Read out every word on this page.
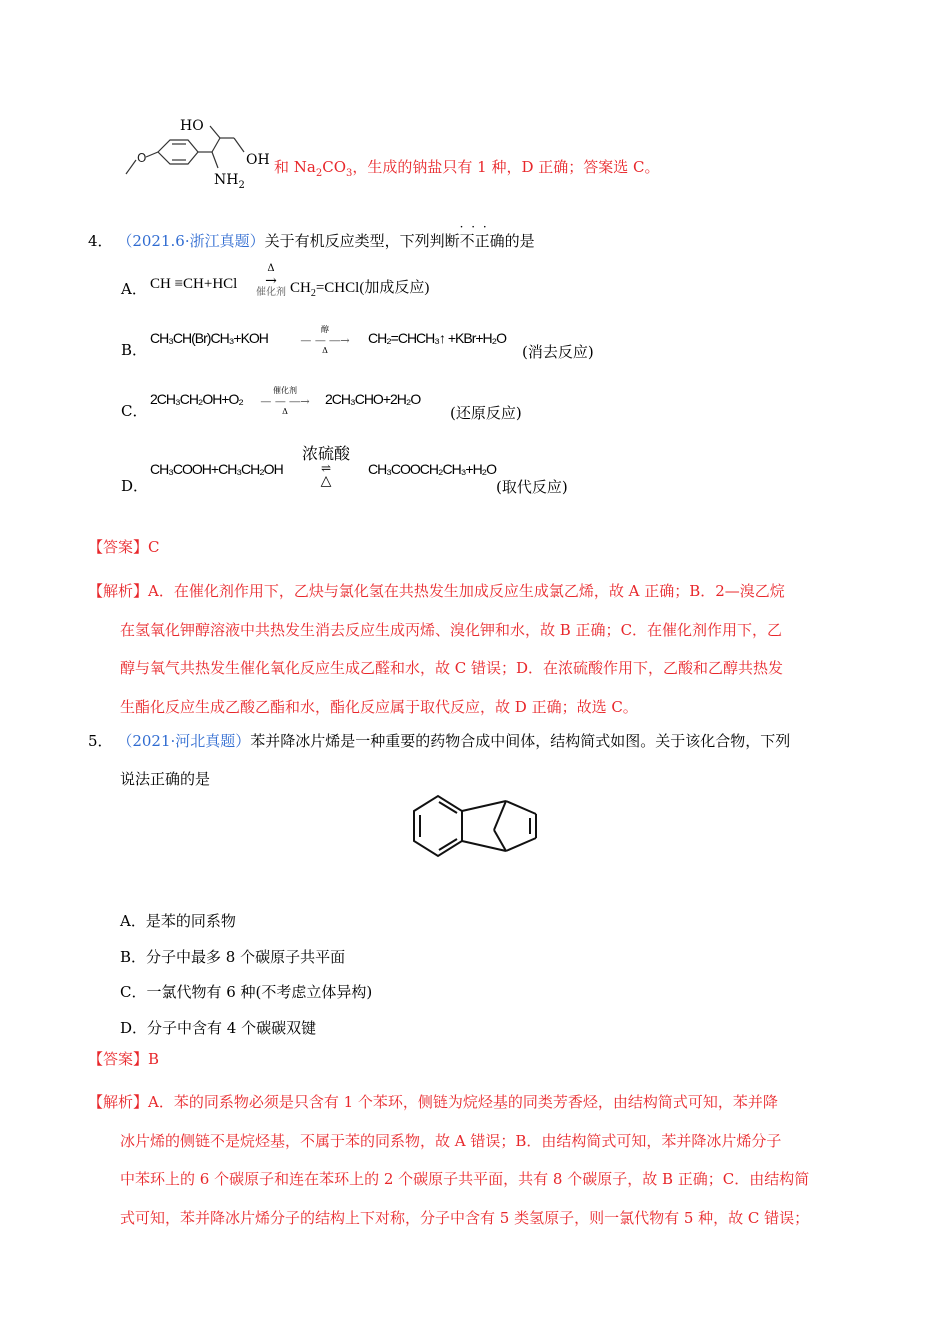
O
HO
OH
$NH_2$
和 $Na_2CO_3$，生成的钠盐只有 1 种，D 正确；答案选 C。
4． （2021.6·浙江真题）关于有机反应类型，下列判断不正确
· · ·
的是
A． CH ≡CH+HCl
Δ
→
催化剂 $CH_2=CHCl$(加成反应)
B．
CH₃CH(Br)CH₃+KOH
醇
— — ―→
Δ
CH₂=CHCH₃↑ +KBr+H₂O
(消去反应)
C．
2CH₃CH₂OH+O₂
催化剂
— — ―→
Δ
2CH₃CHO+2H₂O
(还原反应)
D．
CH₃COOH+CH₃CH₂OH
浓硫酸
⇌
△
CH₃COOCH₂CH₃+H₂O
(取代反应)
【答案】C
【解析】A．在催化剂作用下，乙炔与氯化氢在共热发生加成反应生成氯乙烯，故 A 正确；B．2—溴乙烷
在氢氧化钾醇溶液中共热发生消去反应生成丙烯、溴化钾和水，故 B 正确；C．在催化剂作用下，乙
醇与氧气共热发生催化氧化反应生成乙醛和水，故 C 错误；D．在浓硫酸作用下，乙酸和乙醇共热发
生酯化反应生成乙酸乙酯和水，酯化反应属于取代反应，故 D 正确；故选 C。
5． （2021·河北真题）苯并降冰片烯是一种重要的药物合成中间体，结构简式如图。关于该化合物，下列
说法正确的是
A．是苯的同系物
B．分子中最多 8 个碳原子共平面
C．一氯代物有 6 种(不考虑立体异构)
D．分子中含有 4 个碳碳双键
【答案】B
【解析】A．苯的同系物必须是只含有 1 个苯环，侧链为烷烃基的同类芳香烃，由结构简式可知，苯并降
冰片烯的侧链不是烷烃基，不属于苯的同系物，故 A 错误；B．由结构简式可知，苯并降冰片烯分子
中苯环上的 6 个碳原子和连在苯环上的 2 个碳原子共平面，共有 8 个碳原子，故 B 正确；C．由结构简
式可知，苯并降冰片烯分子的结构上下对称，分子中含有 5 类氢原子，则一氯代物有 5 种，故 C 错误；
